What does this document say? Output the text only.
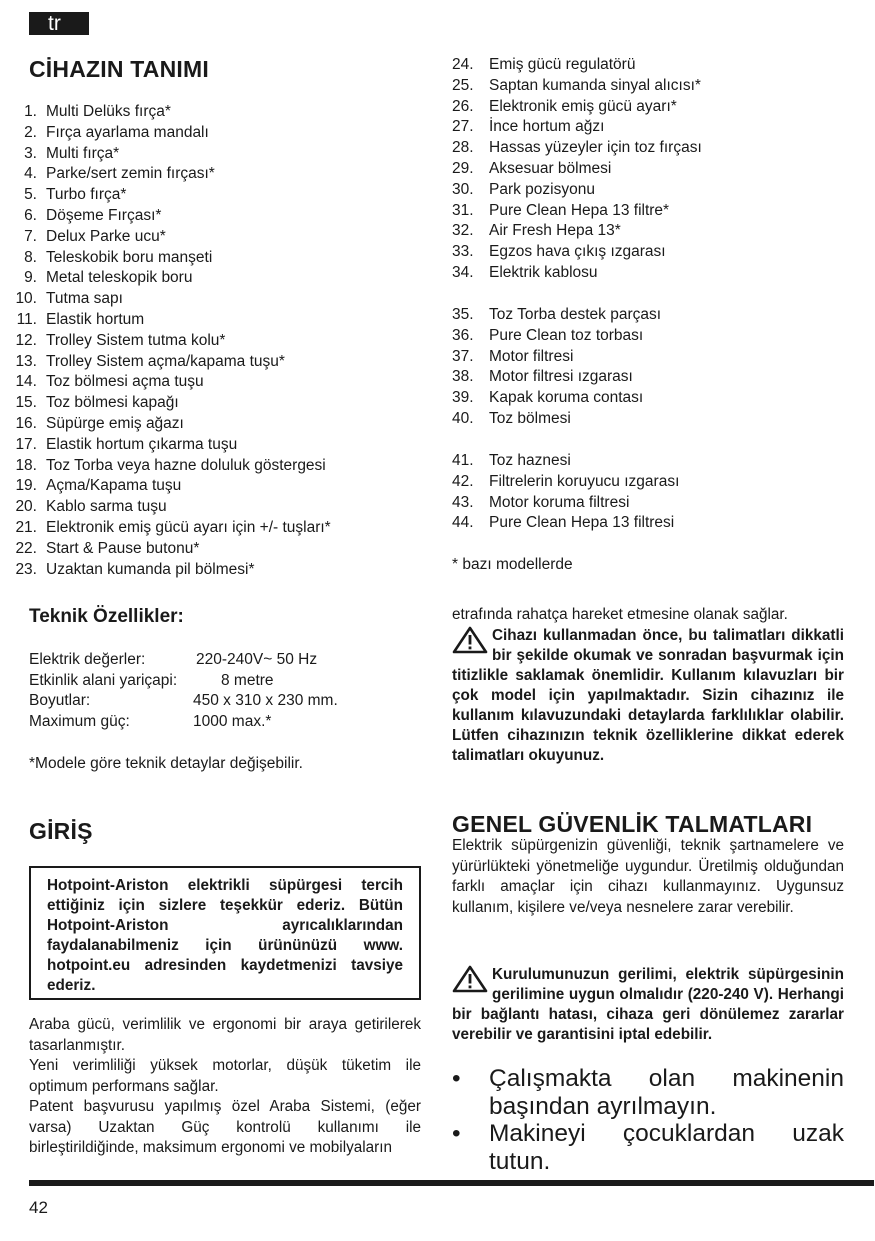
tr
CİHAZIN TANIMI
1. Multi Delüks fırça*
2. Fırça ayarlama mandalı
3. Multi fırça*
4. Parke/sert zemin fırçası*
5. Turbo fırça*
6. Döşeme Fırçası*
7. Delux Parke ucu*
8. Teleskobik boru manşeti
9. Metal teleskopik boru
10. Tutma sapı
11. Elastik hortum
12. Trolley Sistem tutma kolu*
13. Trolley Sistem açma/kapama tuşu*
14. Toz bölmesi açma tuşu
15. Toz bölmesi kapağı
16. Süpürge emiş ağazı
17. Elastik hortum çıkarma tuşu
18. Toz Torba veya hazne doluluk göstergesi
19. Açma/Kapama tuşu
20. Kablo sarma tuşu
21. Elektronik emiş gücü ayarı için +/- tuşları*
22. Start & Pause butonu*
23. Uzaktan kumanda pil bölmesi*
Teknik Özellikler:
Elektrik değerler:	220-240V~ 50 Hz
Etkinlik alani yariçapi:	8 metre
Boyutlar:	450 x 310 x 230 mm.
Maximum güç:	1000 max.*
*Modele göre teknik detaylar değişebilir.
GİRİŞ
Hotpoint-Ariston elektrikli süpürgesi tercih ettiğiniz için sizlere teşekkür ederiz. Bütün Hotpoint-Ariston ayrıcalıklarından faydalanabilmeniz için ürününüzü www. hotpoint.eu adresinden kaydetmenizi tavsiye ederiz.
Araba gücü, verimlilik ve ergonomi bir araya getirilerek tasarlanmıştır.
Yeni verimliliği yüksek motorlar, düşük tüketim ile optimum performans sağlar.
Patent başvurusu yapılmış özel Araba Sistemi, (eğer varsa) Uzaktan Güç kontrolü kullanımı ile birleştirildiğinde, maksimum ergonomi ve mobilyaların
24. Emiş gücü regulatörü
25. Saptan kumanda sinyal alıcısı*
26. Elektronik emiş gücü ayarı*
27. İnce hortum ağzı
28. Hassas yüzeyler için toz fırçası
29. Aksesuar bölmesi
30. Park pozisyonu
31. Pure Clean Hepa 13 filtre*
32. Air Fresh Hepa 13*
33. Egzos hava çıkış ızgarası
34. Elektrik kablosu
35. Toz Torba destek parçası
36. Pure Clean toz torbası
37. Motor filtresi
38. Motor filtresi ızgarası
39. Kapak koruma contası
40. Toz bölmesi
41. Toz haznesi
42. Filtrelerin koruyucu ızgarası
43. Motor koruma filtresi
44. Pure Clean Hepa 13 filtresi
* bazı modellerde
etrafında rahatça hareket etmesine olanak sağlar.
Cihazı kullanmadan önce, bu talimatları dikkatli bir şekilde okumak ve sonradan başvurmak için titizlikle saklamak önemlidir. Kullanım kılavuzları bir çok model için yapılmaktadır. Sizin cihazınız ile kullanım kılavuzundaki detaylarda farklılıklar olabilir. Lütfen cihazınızın teknik özelliklerine dikkat ederek talimatları okuyunuz.
GENEL GÜVENLİK TALMATLARI
Elektrik süpürgenizin güvenliği, teknik şartnamelere ve yürürlükteki yönetmeliğe uygundur. Üretilmiş olduğundan farklı amaçlar için cihazı kullanmayınız. Uygunsuz kullanım, kişilere ve/veya nesnelere zarar verebilir.
Kurulumunuzun gerilimi, elektrik süpürgesinin gerilimine uygun olmalıdır (220-240 V). Herhangi bir bağlantı hatası, cihaza geri dönülemez zararlar verebilir ve garantisini iptal edebilir.
• Çalışmakta olan makinenin başından ayrılmayın.
• Makineyi çocuklardan uzak tutun.
42
